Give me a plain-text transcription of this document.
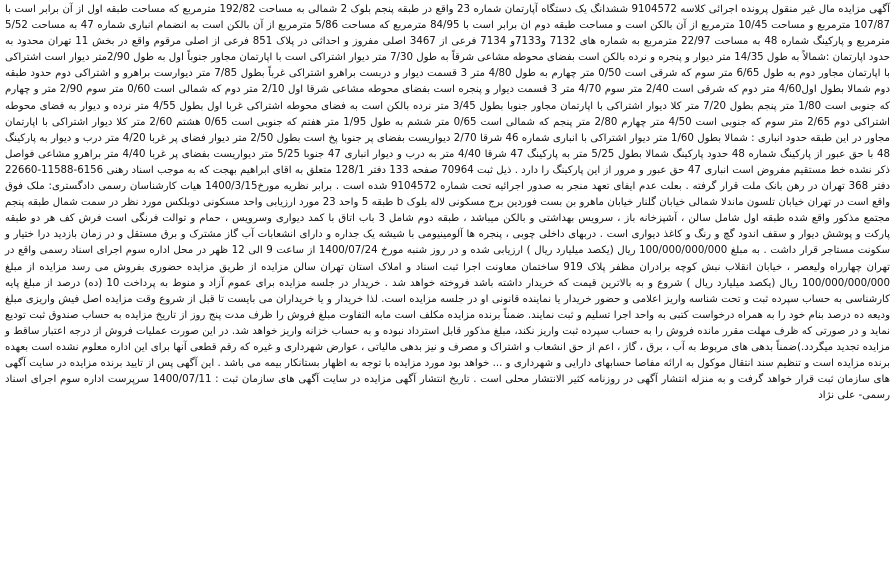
آگهی مزایده مال غیر منقول پرونده اجرائی کلاسه 9104572 ششدانگ یک دستگاه آپارتمان شماره 23 واقع در طبقه پنجم بلوک 2 شمالی به مساحت 192/82 مترمربع که مساحت طبقه اول از آن برابر است با 107/87 مترمربع و مساحت 10/45 مترمربع از آن بالکن است و مساحت طبقه دوم ان برابر است با 84/95 مترمربع که مساحت 5/86 مترمربع از آن بالکن است به انضمام انباری شماره 47 به مساحت 5/52 مترمربع و پارکینگ شماره 48 به مساحت 22/97 مترمربع به شماره های 7132 و7133و 7134 فرعی از 3467 اصلی مفروز و احداثی در پلاک 851 فرعی از اصلی مرقوم واقع در بخش 11 تهران محدود به حدود اپارتمان :شمالاً به طول 14/35 متر دیوار و پنجره و نرده بالکن است بفضای محوطه مشاعی شرقاً به طول 7/30 متر دیوار اشتراکی است با اپارتمان مجاور جنوباً اول به طول 2/90متر دیوار است اشتراکی با اپارتمان مجاور دوم به طول 6/65 متر سوم که شرقی است 0/50 متر چهارم به طول 4/80 متر 3 قسمت دیوار و دربست براهرو اشتراکی غرباً بطول 7/85 متر دیوارست براهرو و اشتراکی دوم حدود طبقه دوم شمالا بطول اول4/60 متر دوم که شرقی است 2/40 متر سوم 4/70 متر 3 قسمت دیوار و پنجره است بفضای محوطه مشاعی شرقا اول 2/10 متر دوم که شمالی است 0/60 متر سوم 2/90 متر و چهارم که جنوبی است 1/80 متر پنجم بطول 7/20 متر کلا دیوار اشتراکی با اپارتمان مجاور جنوبا بطول 3/45 متر نرده بالکن است به فضای محوطه اشتراکی غربا اول بطول 4/55 متر نرده و دیوار به فضای محوطه اشتراکی دوم 2/65 متر سوم که جنوبی است 4/50 متر چهارم 2/80 متر پنجم که شمالی است 0/65 متر ششم به طول 1/95 متر هفتم که جنوبی است 0/65 هشتم 2/60 متر کلا دیوار اشتراکی با اپارتمان مجاور در این طبقه حدود انباری : شمالا بطول 1/60 متر دیوار اشتراکی با انباری شماره 46 شرقا 2/70 دیواریست بفضای پر جنوبا پخ است بطول 2/50 متر دیوار فضای پر غربا 4/20 متر درب و دیوار به پارکینگ 48 با حق عبور از پارکینگ شماره 48 حدود پارکینگ شمالا بطول 5/25 متر به پارکینگ 47 شرقا 4/40 متر به درب و دیوار انباری 47 جنوبا 5/25 متر دیواریست بفضای پر غربا 4/40 متر براهرو مشاعی فواصل ذکر نشده خط مستقیم مفروض است انباری 47 حق عبور و مرور از این پارکینگ را دارد . ذیل ثبت 70964 صفحه 133 دفتر 128/1 متعلق به اقای ابراهیم بهجت که به موجب اسناد رهنی 6156-11588-22660 دفتر 368 تهران در رهن بانک ملت قرار گرفته . بعلت عدم ایفای تعهد منجر به صدور اجرائیه تحت شماره 9104572 شده است . برابر نظریه مورخ1400/3/15 هیات کارشناسان رسمی دادگستری: ملک فوق واقع است در تهران خیابان تلسون ماندلا شمالی خیابان گلنار خیابان ماهرو بن بست فوردین برج مسکونی لاله بلوک b طبقه 5 واحد 23 مورد ارزیابی واحد مسکونی دوبلکس مورد نظر در سمت شمال طبقه پنجم مجتمع مذکور واقع شده طبقه اول شامل سالن ، آشپزخانه باز ، سرویس بهداشتی و بالکن میباشد ، طبقه دوم شامل 3 باب اتاق با کمد دیواری وسرویس ، حمام و توالت فرنگی است فرش کف هر دو طبقه پارکت و پوشش دیوار و سقف اندود گچ و رنگ و کاغذ دیواری است . دربهای داخلی چوبی ، پنجره ها آلومینیومی با شیشه یک جداره و دارای انشعابات آب گاز مشترک و برق مستقل و در زمان بازدید درا ختیار و سکونت مستاجر قرار داشت . به مبلغ 100/000/000/000 ریال (یکصد میلیارد ریال ) ارزیابی شده و در روز شنبه مورخ 1400/07/24 از ساعت 9 الی 12 ظهر در محل اداره سوم اجرای اسناد رسمی واقع در تهران چهارراه ولیعصر ، خیابان انقلاب نبش کوچه برادران مظفر پلاک 919 ساختمان معاونت اجرا ثبت اسناد و املاک استان تهران سالن مزایده از طریق مزایده حضوری بفروش می رسد مزایده از مبلغ 100/000/000/000 ریال (یکصد میلیارد ریال ) شروع و به بالاترین قیمت که خریدار داشته باشد فروخته خواهد شد . خریدار در جلسه مزایده برای عموم آزاد و منوط به پرداخت 10 (ده) درصد از مبلغ پایه کارشناسی به حساب سپرده ثبت و تحت شناسه واریز اعلامی و حضور خریدار یا نماینده قانونی او در جلسه مزایده است. لذا خریدار و یا خریداران می بایست تا قبل از شروع وقت مزایده اصل فیش واریزی مبلغ ودیعه ده درصد بنام خود را به همراه درخواست کتبی به واحد اجرا تسلیم و ثبت نمایند. ضمناً برنده مزایده مکلف است مابه التفاوت مبلغ فروش را ظرف مدت پنج روز از تاریخ مزایده به حساب صندوق ثبت تودیع نماید و در صورتی که ظرف مهلت مقرر مانده فروش را به حساب سپرده ثبت واریز نکند، مبلغ مذکور قابل استرداد نبوده و به حساب خزانه واریز خواهد شد. در این صورت عملیات فروش از درجه اعتبار ساقط و مزایده تجدید میگردد.)ضمناً بدهی های مربوط به آب ، برق ، گاز ، اعم از حق انشعاب و اشتراک و مصرف و نیز بدهی مالیاتی ، عوارض شهرداری و غیره که رقم قطعی آنها برای این اداره معلوم نشده است بعهده برنده مزایده است و تنظیم سند انتقال موکول به ارائه مفاصا حسابهای دارایی و شهرداری و ... خواهد بود مورد مزایده با توجه به اظهار بستانکار بیمه می باشد . این آگهی پس از تایید برنده مزایده در سایت آگهی های سازمان ثبت قرار خواهد گرفت و به منزله انتشار آگهی در روزنامه کثیر الانتشار محلی است . تاریخ انتشار آگهی مزایده در سایت آگهی های سازمان ثبت : 1400/07/11 سرپرست اداره سوم اجرای اسناد رسمی- علی نژاد
